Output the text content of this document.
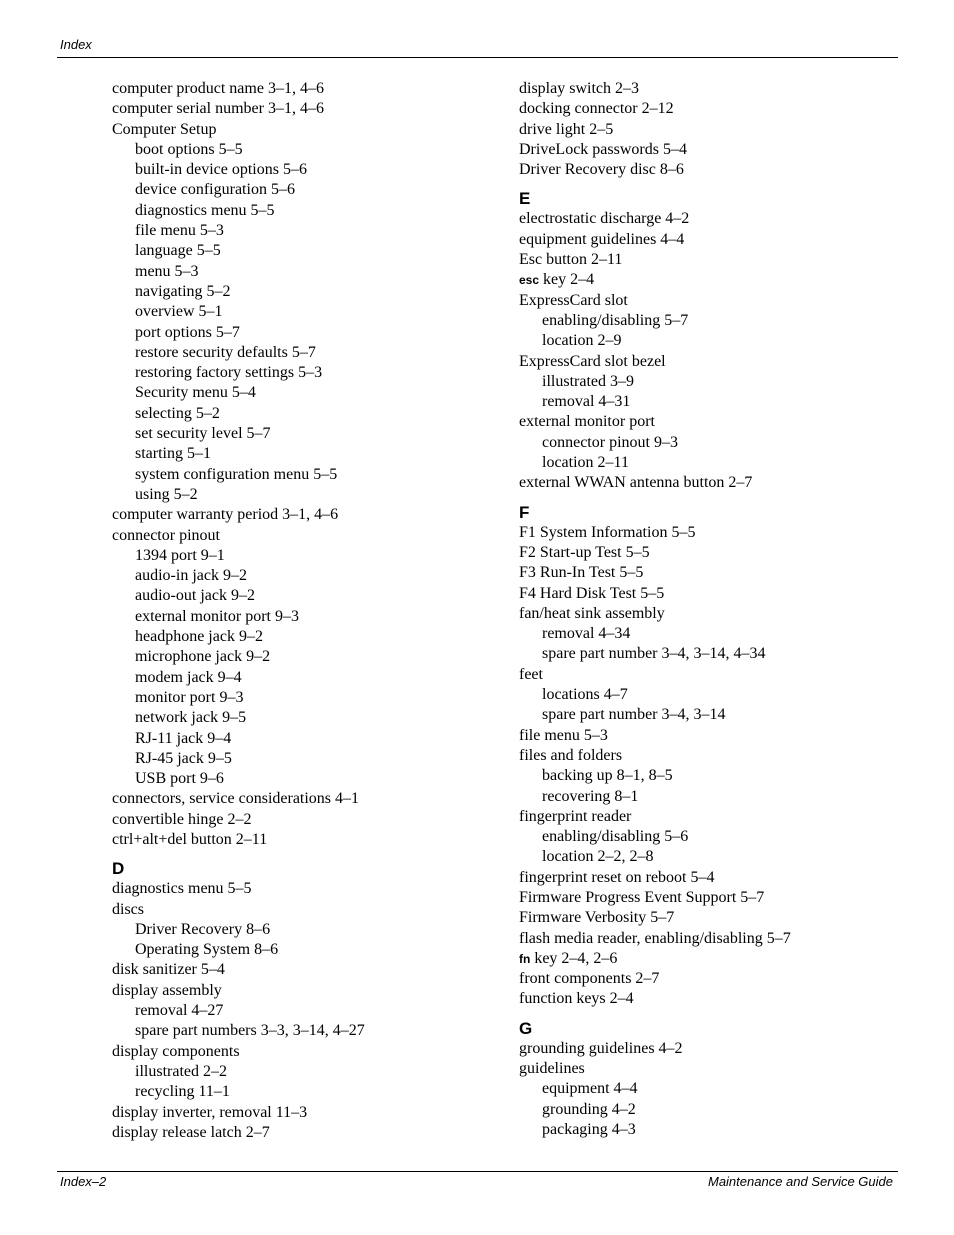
Index
computer product name 3–1, 4–6
computer serial number 3–1, 4–6
Computer Setup
boot options 5–5
built-in device options 5–6
device configuration 5–6
diagnostics menu 5–5
file menu 5–3
language 5–5
menu 5–3
navigating 5–2
overview 5–1
port options 5–7
restore security defaults 5–7
restoring factory settings 5–3
Security menu 5–4
selecting 5–2
set security level 5–7
starting 5–1
system configuration menu 5–5
using 5–2
computer warranty period 3–1, 4–6
connector pinout
1394 port 9–1
audio-in jack 9–2
audio-out jack 9–2
external monitor port 9–3
headphone jack 9–2
microphone jack 9–2
modem jack 9–4
monitor port 9–3
network jack 9–5
RJ-11 jack 9–4
RJ-45 jack 9–5
USB port 9–6
connectors, service considerations 4–1
convertible hinge 2–2
ctrl+alt+del button 2–11
D
diagnostics menu 5–5
discs
Driver Recovery 8–6
Operating System 8–6
disk sanitizer 5–4
display assembly
removal 4–27
spare part numbers 3–3, 3–14, 4–27
display components
illustrated 2–2
recycling 11–1
display inverter, removal 11–3
display release latch 2–7
display switch 2–3
docking connector 2–12
drive light 2–5
DriveLock passwords 5–4
Driver Recovery disc 8–6
E
electrostatic discharge 4–2
equipment guidelines 4–4
Esc button 2–11
esc key 2–4
ExpressCard slot
enabling/disabling 5–7
location 2–9
ExpressCard slot bezel
illustrated 3–9
removal 4–31
external monitor port
connector pinout 9–3
location 2–11
external WWAN antenna button 2–7
F
F1 System Information 5–5
F2 Start-up Test 5–5
F3 Run-In Test 5–5
F4 Hard Disk Test 5–5
fan/heat sink assembly
removal 4–34
spare part number 3–4, 3–14, 4–34
feet
locations 4–7
spare part number 3–4, 3–14
file menu 5–3
files and folders
backing up 8–1, 8–5
recovering 8–1
fingerprint reader
enabling/disabling 5–6
location 2–2, 2–8
fingerprint reset on reboot 5–4
Firmware Progress Event Support 5–7
Firmware Verbosity 5–7
flash media reader, enabling/disabling 5–7
fn key 2–4, 2–6
front components 2–7
function keys 2–4
G
grounding guidelines 4–2
guidelines
equipment 4–4
grounding 4–2
packaging 4–3
Index–2	Maintenance and Service Guide
